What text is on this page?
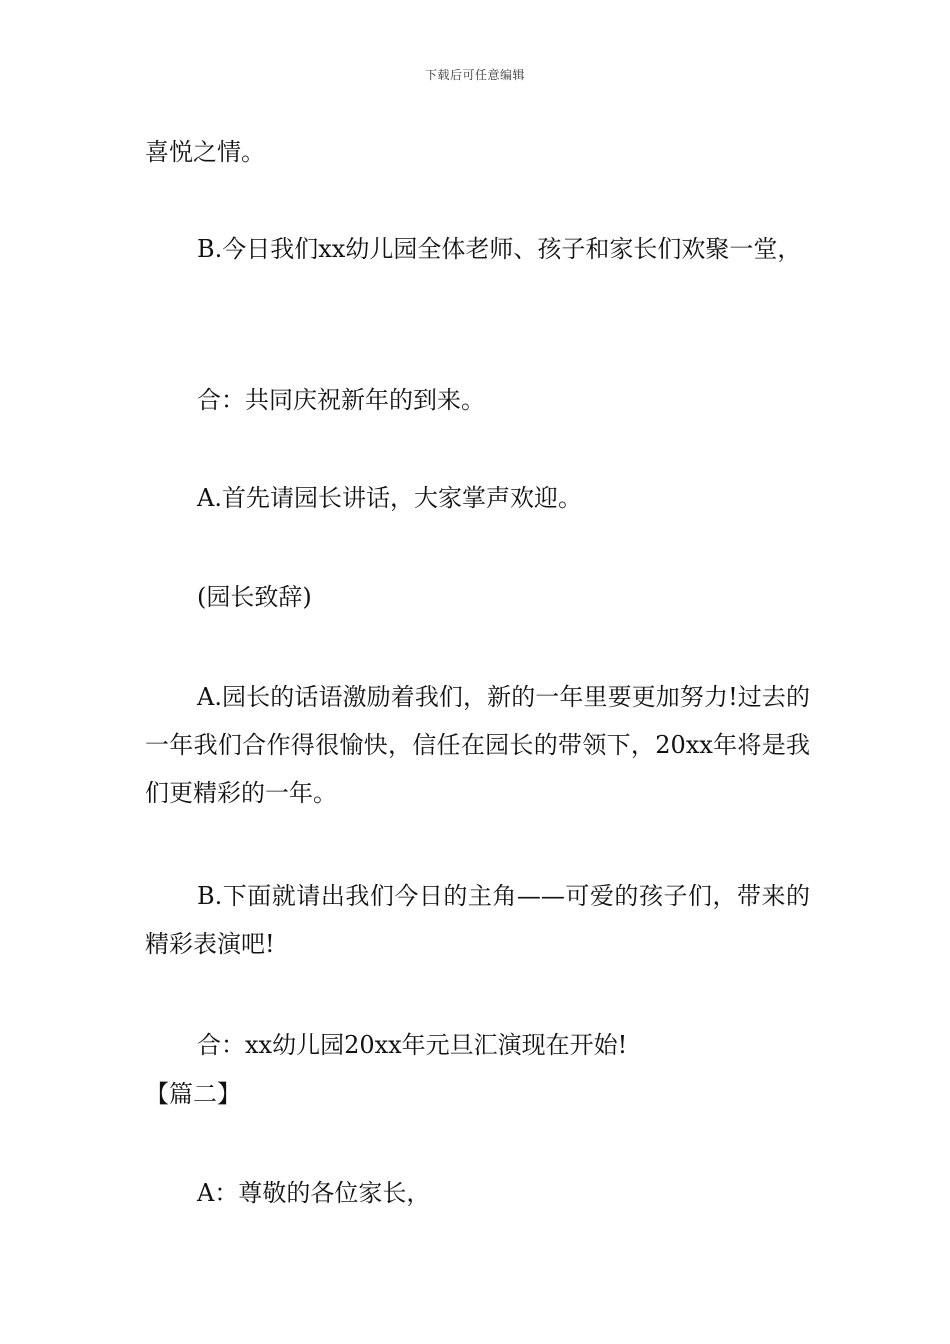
下载后可任意编辑

喜悦之情。

B.今日我们xx幼儿园全体老师、孩子和家长们欢聚一堂，

合：共同庆祝新年的到来。

A.首先请园长讲话，大家掌声欢迎。

(园长致辞)

A.园长的话语激励着我们，新的一年里要更加努力!过去的一年我们合作得很愉快，信任在园长的带领下，20xx年将是我们更精彩的一年。

B.下面就请出我们今日的主角——可爱的孩子们，带来的精彩表演吧!

合：xx幼儿园20xx年元旦汇演现在开始!

【篇二】

A：尊敬的各位家长，
